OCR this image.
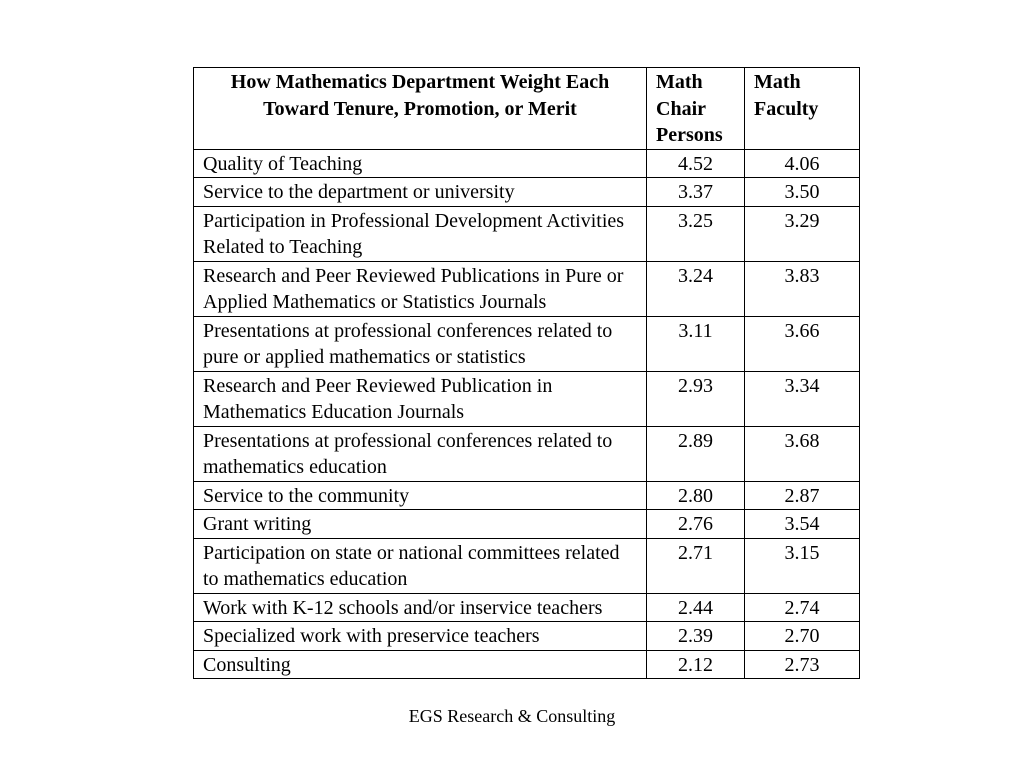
How Mathematics Department Weight Each Toward Tenure, Promotion, or Merit	Math Chair Persons	Math Faculty
Quality of Teaching	4.52	4.06
Service to the department or university	3.37	3.50
Participation in Professional Development Activities Related to Teaching	3.25	3.29
Research and Peer Reviewed Publications in Pure or Applied Mathematics or Statistics Journals	3.24	3.83
Presentations at professional conferences related to pure or applied mathematics or statistics	3.11	3.66
Research and Peer Reviewed Publication in Mathematics Education Journals	2.93	3.34
Presentations at professional conferences related to mathematics education	2.89	3.68
Service to the community	2.80	2.87
Grant writing	2.76	3.54
Participation on state or national committees related to mathematics education	2.71	3.15
Work with K-12 schools and/or inservice teachers	2.44	2.74
Specialized work with preservice teachers	2.39	2.70
Consulting	2.12	2.73
EGS Research & Consulting
